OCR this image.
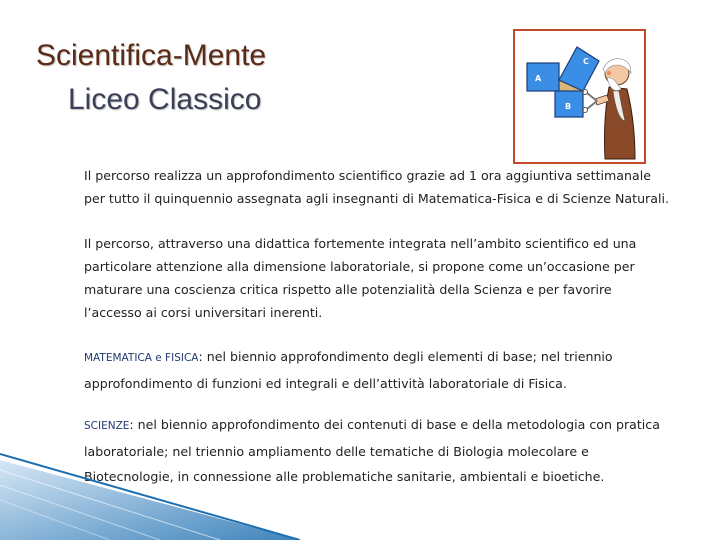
Scientifica-Mente
Liceo Classico
A
B
C

Il percorso realizza un approfondimento scientifico grazie ad 1 ora aggiuntiva settimanale

per tutto il quinquennio assegnata agli insegnanti di Matematica-Fisica e di Scienze Naturali.

Il percorso, attraverso una didattica fortemente integrata nell’ambito scientifico ed una

particolare attenzione alla dimensione laboratoriale, si propone come un’occasione per

maturare una coscienza critica rispetto alle potenzialità della Scienza e per favorire

l’accesso ai corsi universitari inerenti.

MATEMATICA e FISICA: nel biennio approfondimento degli elementi di base; nel triennio

approfondimento di funzioni ed integrali e dell’attività laboratoriale di Fisica.

SCIENZE: nel biennio approfondimento dei contenuti di base e della metodologia con pratica

laboratoriale; nel triennio ampliamento delle tematiche di Biologia molecolare e

Biotecnologie, in connessione alle problematiche sanitarie, ambientali e bioetiche.
